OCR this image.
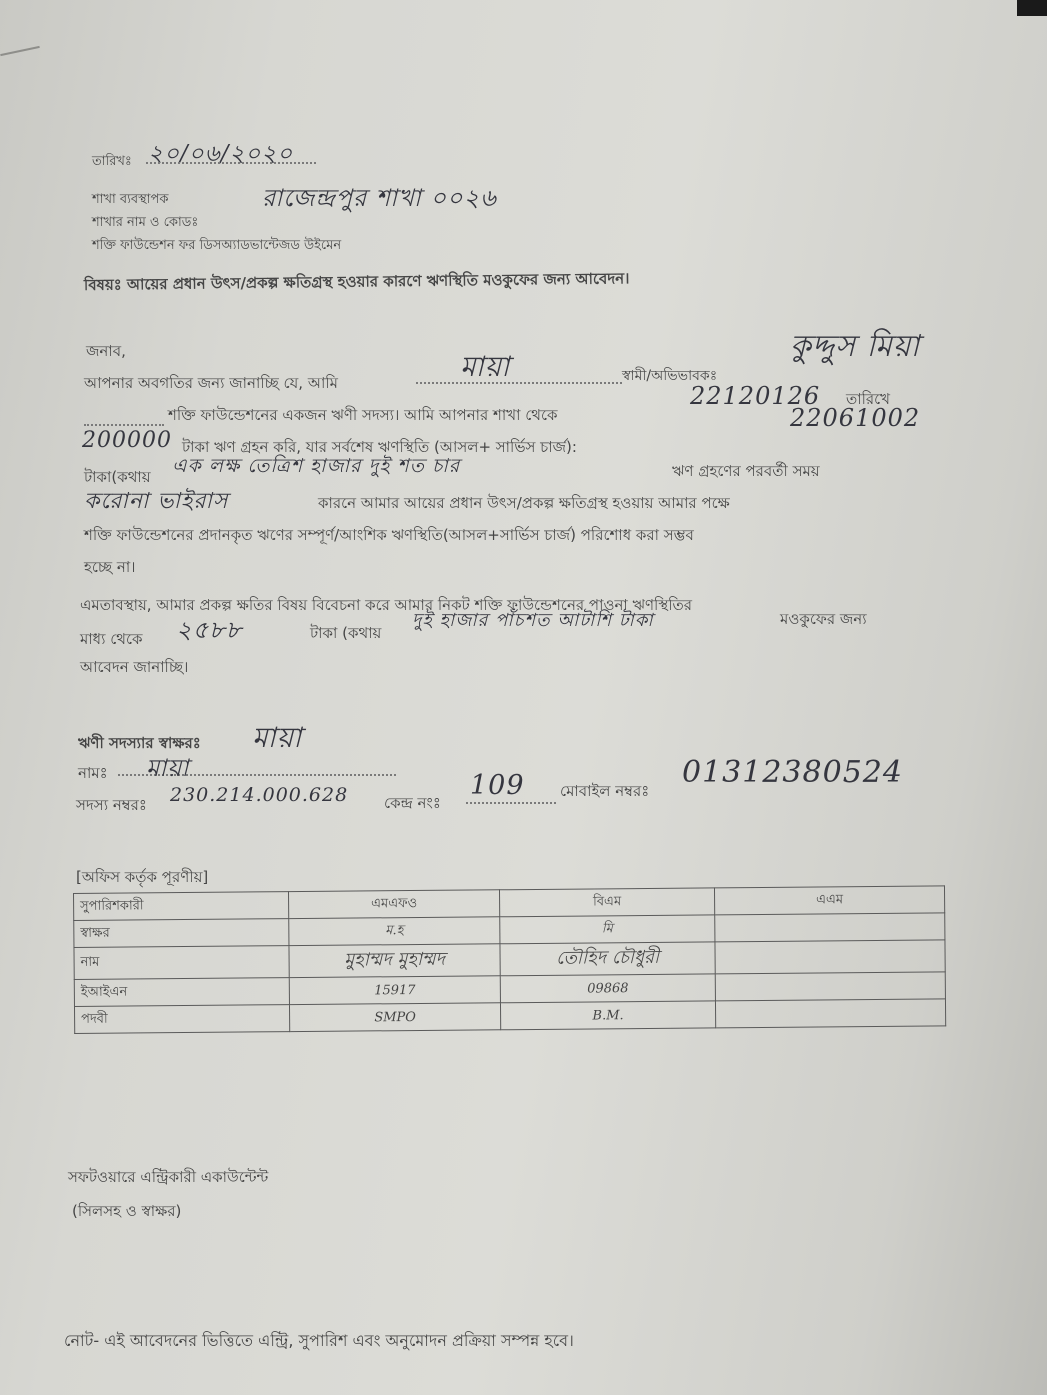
তারিখঃ ২০/০৬/২০২০
শাখা ব্যবস্থাপক
শাখার নাম ও কোডঃ
রাজেন্দ্রপুর শাখা ০০২৬
শক্তি ফাউন্ডেশন ফর ডিসঅ্যাডভান্টেজড উইমেন
বিষয়ঃ আয়ের প্রধান উৎস/প্রকল্প ক্ষতিগ্রস্থ হওয়ার কারণে ঋণস্থিতি মওকুফের জন্য আবেদন।
জনাব,
আপনার অবগতির জন্য জানাচ্ছি যে, আমি	মায়া	স্বামী/অভিভাবকঃ
কুদ্দুস মিয়া
শক্তি ফাউন্ডেশনের একজন ঋণী সদস্য। আমি আপনার শাখা থেকে
22120126 তারিখে
200000 টাকা ঋণ গ্রহন করি, যার সর্বশেষ ঋণস্থিতি (আসল+ সার্ভিস চার্জ):
22061002
টাকা(কথায় এক লক্ষ তেত্রিশ হাজার দুই শত চার	ঋণ গ্রহণের পরবর্তী সময়
করোনা ভাইরাস	কারনে আমার আয়ের প্রধান উৎস/প্রকল্প ক্ষতিগ্রস্থ হওয়ায় আমার পক্ষে
শক্তি ফাউন্ডেশনের প্রদানকৃত ঋণের সম্পূর্ণ/আংশিক ঋণস্থিতি(আসল+সার্ভিস চার্জ) পরিশোধ করা সম্ভব
হচ্ছে না।
এমতাবস্থায়, আমার প্রকল্প ক্ষতির বিষয় বিবেচনা করে আমার নিকট শক্তি ফাউন্ডেশনের পাওনা ঋণস্থিতির
মাধ্য থেকে ২৫৮৮	টাকা (কথায়
দুই হাজার পাঁচশত আটাশি টাকা	মওকুফের জন্য
আবেদন জানাচ্ছি।
ঋণী সদস্যার স্বাক্ষরঃ মায়া
নামঃ মায়া
সদস্য নম্বরঃ 230.214.000.628 কেন্দ্র নংঃ
109 মোবাইল নম্বরঃ
01312380524
[অফিস কর্তৃক পূরণীয়]
সুপারিশকারী	এমএফও	বিএম	এএম
স্বাক্ষর	ম.হ	মি	
নাম	মুহাম্মদ মুহাম্মদ	তৌহিদ চৌধুরী	
ইআইএন	15917	09868	
পদবী	SMPO	B.M.	
সফটওয়ারে এন্ট্রিকারী একাউন্টেন্ট
(সিলসহ ও স্বাক্ষর)
নোট- এই আবেদনের ভিত্তিতে এন্ট্রি, সুপারিশ এবং অনুমোদন প্রক্রিয়া সম্পন্ন হবে।
